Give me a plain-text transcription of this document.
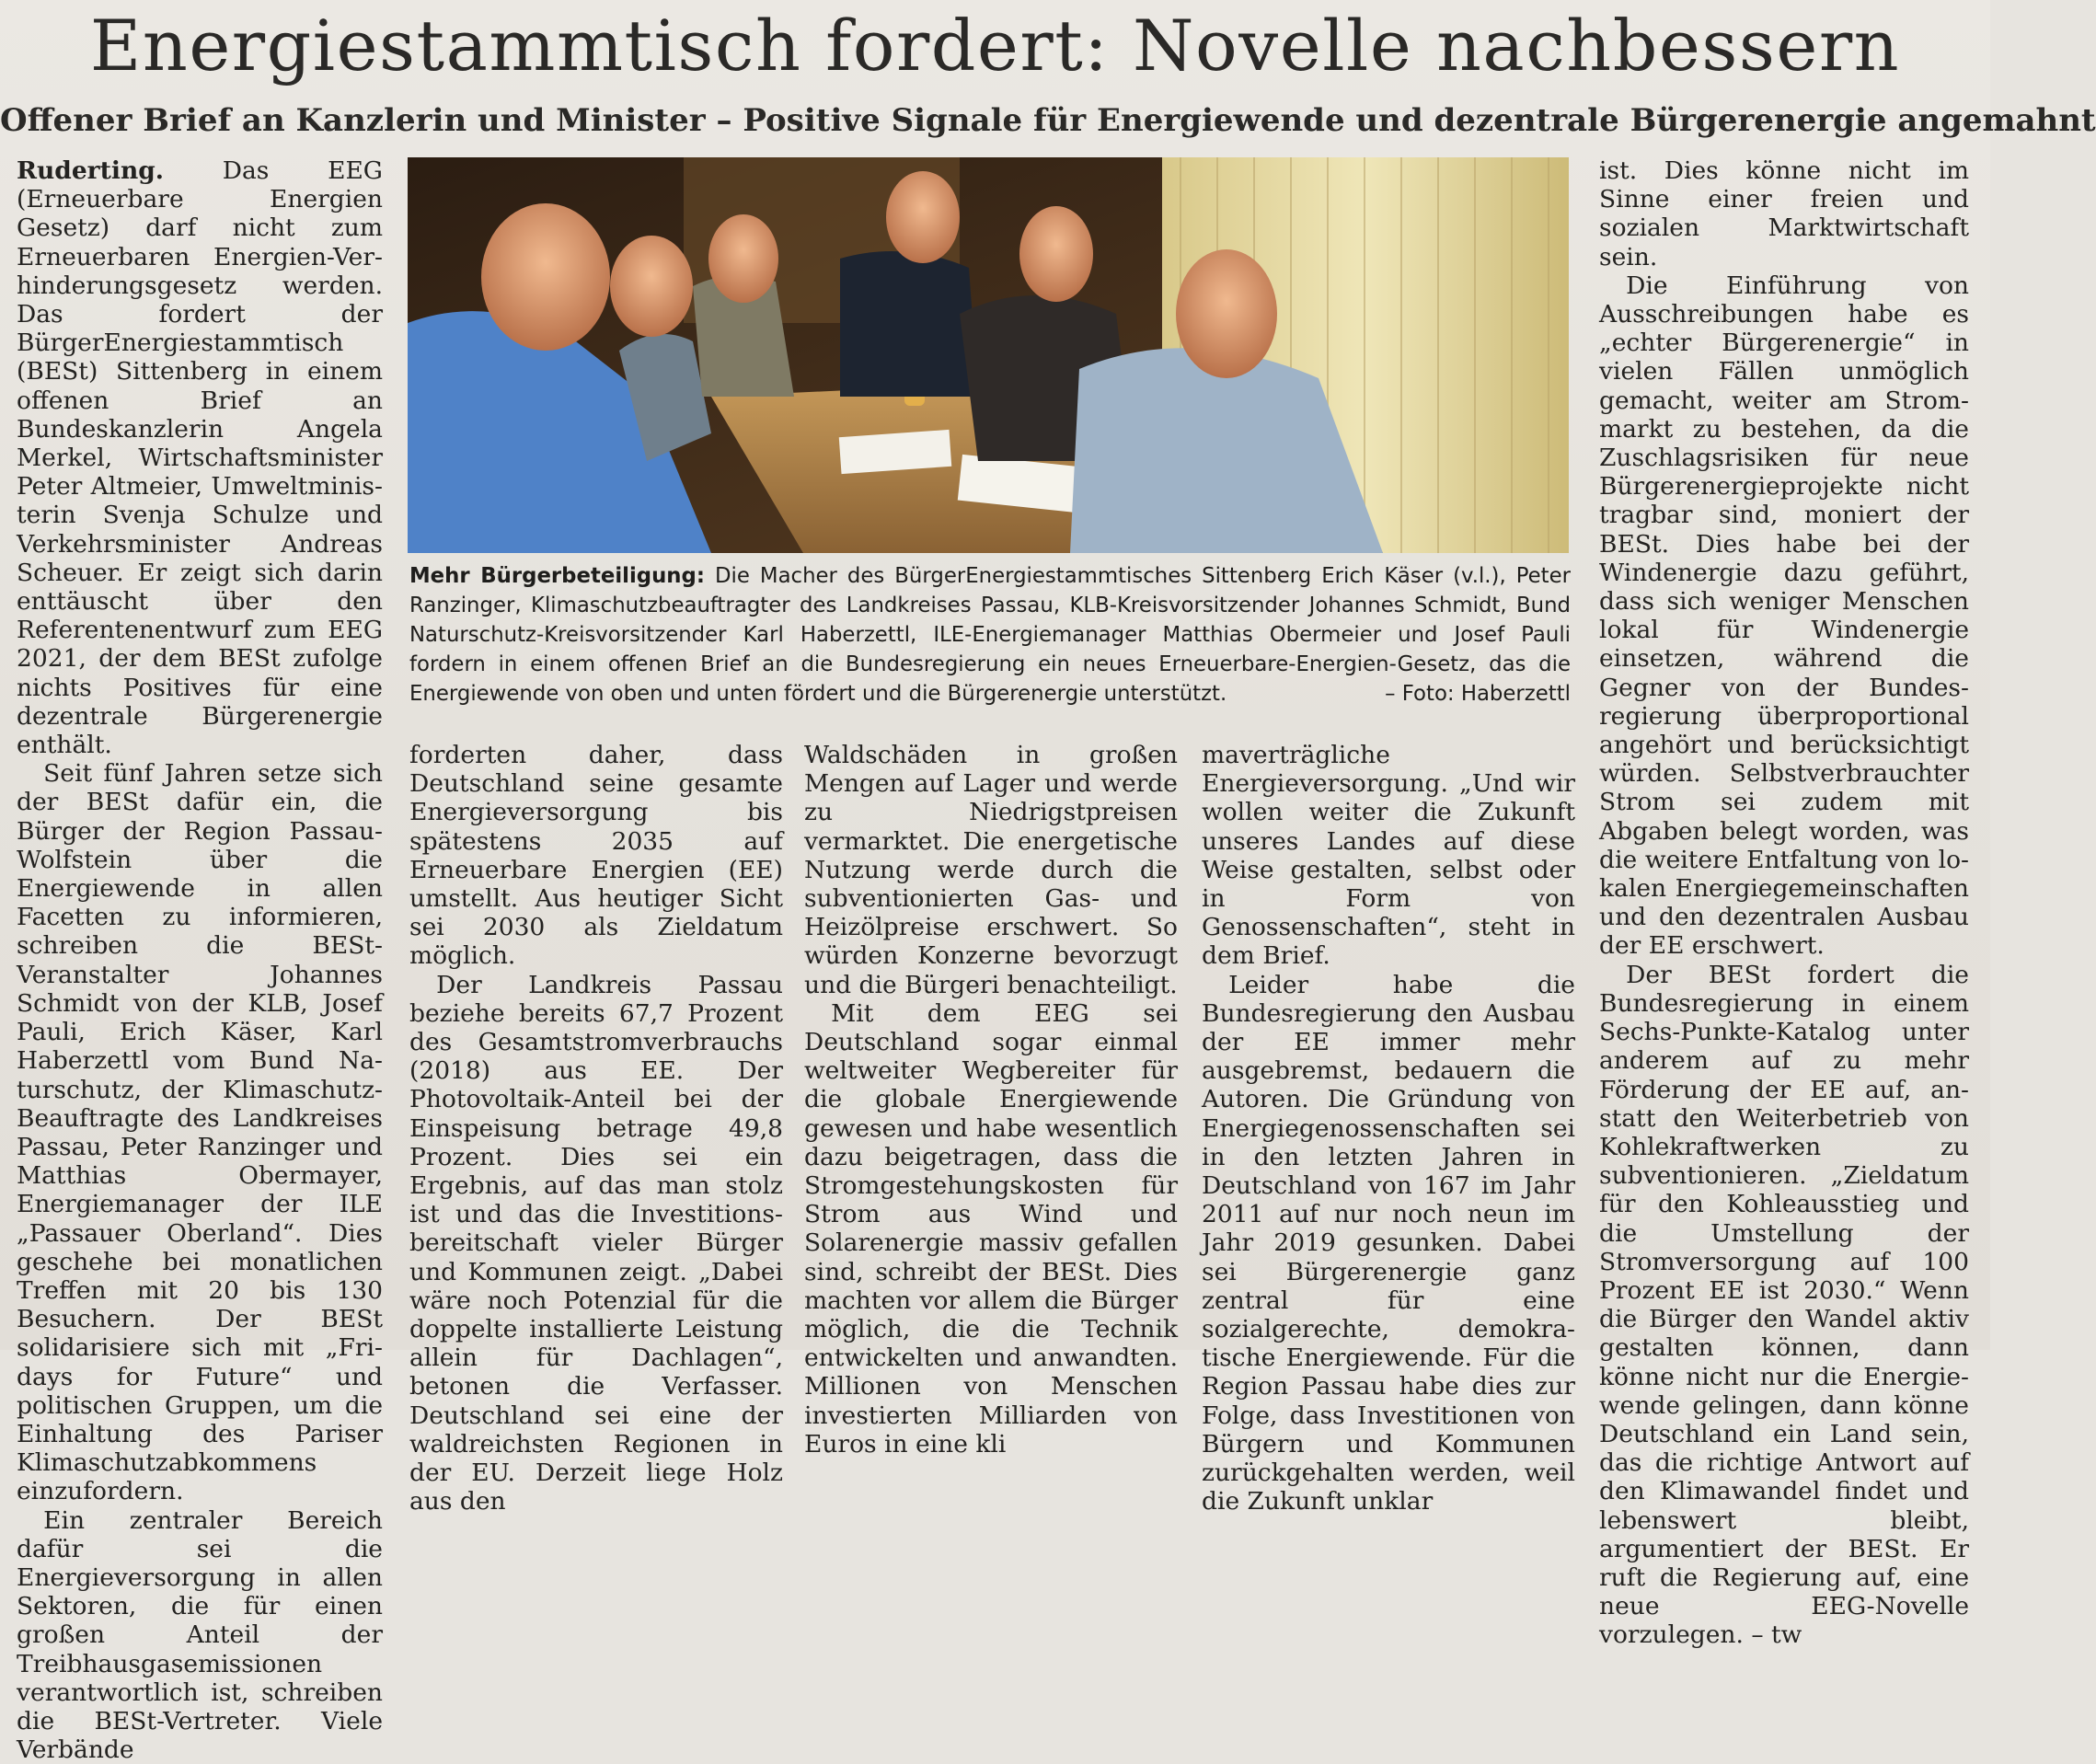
Energiestammtisch fordert: Novelle nachbessern
Offener Brief an Kanzlerin und Minister – Positive Signale für Energiewende und dezentrale Bürgerenergie angemahnt

Ruderting. Das EEG (Erneuerbare Energien Gesetz) darf nicht zum Erneuerbaren Energien-Verhinderungsgesetz werden. Das fordert der BürgerEnergiestammtisch (BESt) Sittenberg in einem offenen Brief an Bundeskanzlerin Angela Merkel, Wirtschaftsminister Peter Altmeier, Umweltministerin Svenja Schulze und Verkehrsminister Andreas Scheuer. Er zeigt sich darin enttäuscht über den Referentenentwurf zum EEG 2021, der dem BESt zufolge nichts Positives für eine dezentrale Bürgerenergie enthält.

Seit fünf Jahren setze sich der BESt dafür ein, die Bürger der Region Passau-Wolfstein über die Energiewende in allen Facetten zu informieren, schreiben die BESt-Veranstalter Johannes Schmidt von der KLB, Josef Pauli, Erich Käser, Karl Haberzettl vom Bund Naturschutz, der Klimaschutz-Beauftragte des Landkreises Passau, Peter Ranzinger und Matthias Obermayer, Energiemanager der ILE „Passauer Oberland“. Dies geschehe bei monatlichen Treffen mit 20 bis 130 Besuchern. Der BESt solidarisiere sich mit „Fridays for Future“ und politischen Gruppen, um die Einhaltung des Pariser Klimaschutzabkommens einzufordern.

Ein zentraler Bereich dafür sei die Energieversorgung in allen Sektoren, die für einen großen Anteil der Treibhausgasemissionen verantwortlich ist, schreiben die BESt-Vertreter. Viele Verbände

Mehr Bürgerbeteiligung: Die Macher des BürgerEnergiestammtisches Sittenberg Erich Käser (v.l.), Peter Ranzinger, Klimaschutzbeauftragter des Landkreises Passau, KLB-Kreisvorsitzender Johannes Schmidt, Bund Naturschutz-Kreisvorsitzender Karl Haberzettl, ILE-Energiemanager Matthias Obermeier und Josef Pauli fordern in einem offenen Brief an die Bundesregierung ein neues Erneuerbare-Energien-Gesetz, das die Energiewende von oben und unten fördert und die Bürgerenergie unterstützt.	– Foto: Haberzettl

forderten daher, dass Deutschland seine gesamte Energieversorgung bis spätestens 2035 auf Erneuerbare Energien (EE) umstellt. Aus heutiger Sicht sei 2030 als Zieldatum möglich.

Der Landkreis Passau beziehe bereits 67,7 Prozent des Gesamtstromverbrauchs (2018) aus EE. Der Photovoltaik-Anteil bei der Einspeisung betrage 49,8 Prozent. Dies sei ein Ergebnis, auf das man stolz ist und das die Investitionsbereitschaft vieler Bürger und Kommunen zeigt. „Dabei wäre noch Potenzial für die doppelte installierte Leistung allein für Dachlagen“, betonen die Verfasser. Deutschland sei eine der waldreichsten Regionen in der EU. Derzeit liege Holz aus den

Waldschäden in großen Mengen auf Lager und werde zu Niedrigstpreisen vermarktet. Die energetische Nutzung werde durch die subventionierten Gas- und Heizölpreise erschwert. So würden Konzerne bevorzugt und die Bürgeri benachteiligt.

Mit dem EEG sei Deutschland sogar einmal weltweiter Wegbereiter für die globale Energiewende gewesen und habe wesentlich dazu beigetragen, dass die Stromgestehungskosten für Strom aus Wind und Solarenergie massiv gefallen sind, schreibt der BESt. Dies machten vor allem die Bürger möglich, die die Technik entwickelten und anwandten. Millionen von Menschen investierten Milliarden von Euros in eine kli

maverträgliche Energieversorgung. „Und wir wollen weiter die Zukunft unseres Landes auf diese Weise gestalten, selbst oder in Form von Genossenschaften“, steht in dem Brief.

Leider habe die Bundesregierung den Ausbau der EE immer mehr ausgebremst, bedauern die Autoren. Die Gründung von Energiegenossenschaften sei in den letzten Jahren in Deutschland von 167 im Jahr 2011 auf nur noch neun im Jahr 2019 gesunken. Dabei sei Bürgerenergie ganz zentral für eine sozialgerechte, demokratische Energiewende. Für die Region Passau habe dies zur Folge, dass Investitionen von Bürgern und Kommunen zurückgehalten werden, weil die Zukunft unklar

ist. Dies könne nicht im Sinne einer freien und sozialen Marktwirtschaft sein.

Die Einführung von Ausschreibungen habe es „echter Bürgerenergie“ in vielen Fällen unmöglich gemacht, weiter am Strommarkt zu bestehen, da die Zuschlagsrisiken für neue Bürgerenergieprojekte nicht tragbar sind, moniert der BESt. Dies habe bei der Windenergie dazu geführt, dass sich weniger Menschen lokal für Windenergie einsetzen, während die Gegner von der Bundesregierung überproportional angehört und berücksichtigt würden. Selbstverbrauchter Strom sei zudem mit Abgaben belegt worden, was die weitere Entfaltung von lokalen Energiegemeinschaften und den dezentralen Ausbau der EE erschwert.

Der BESt fordert die Bundesregierung in einem Sechs-Punkte-Katalog unter anderem auf zu mehr Förderung der EE auf, anstatt den Weiterbetrieb von Kohlekraftwerken zu subventionieren. „Zieldatum für den Kohleausstieg und die Umstellung der Stromversorgung auf 100 Prozent EE ist 2030.“ Wenn die Bürger den Wandel aktiv gestalten können, dann könne nicht nur die Energiewende gelingen, dann könne Deutschland ein Land sein, das die richtige Antwort auf den Klimawandel findet und lebenswert bleibt, argumentiert der BESt. Er ruft die Regierung auf, eine neue EEG-Novelle vorzulegen. – tw
